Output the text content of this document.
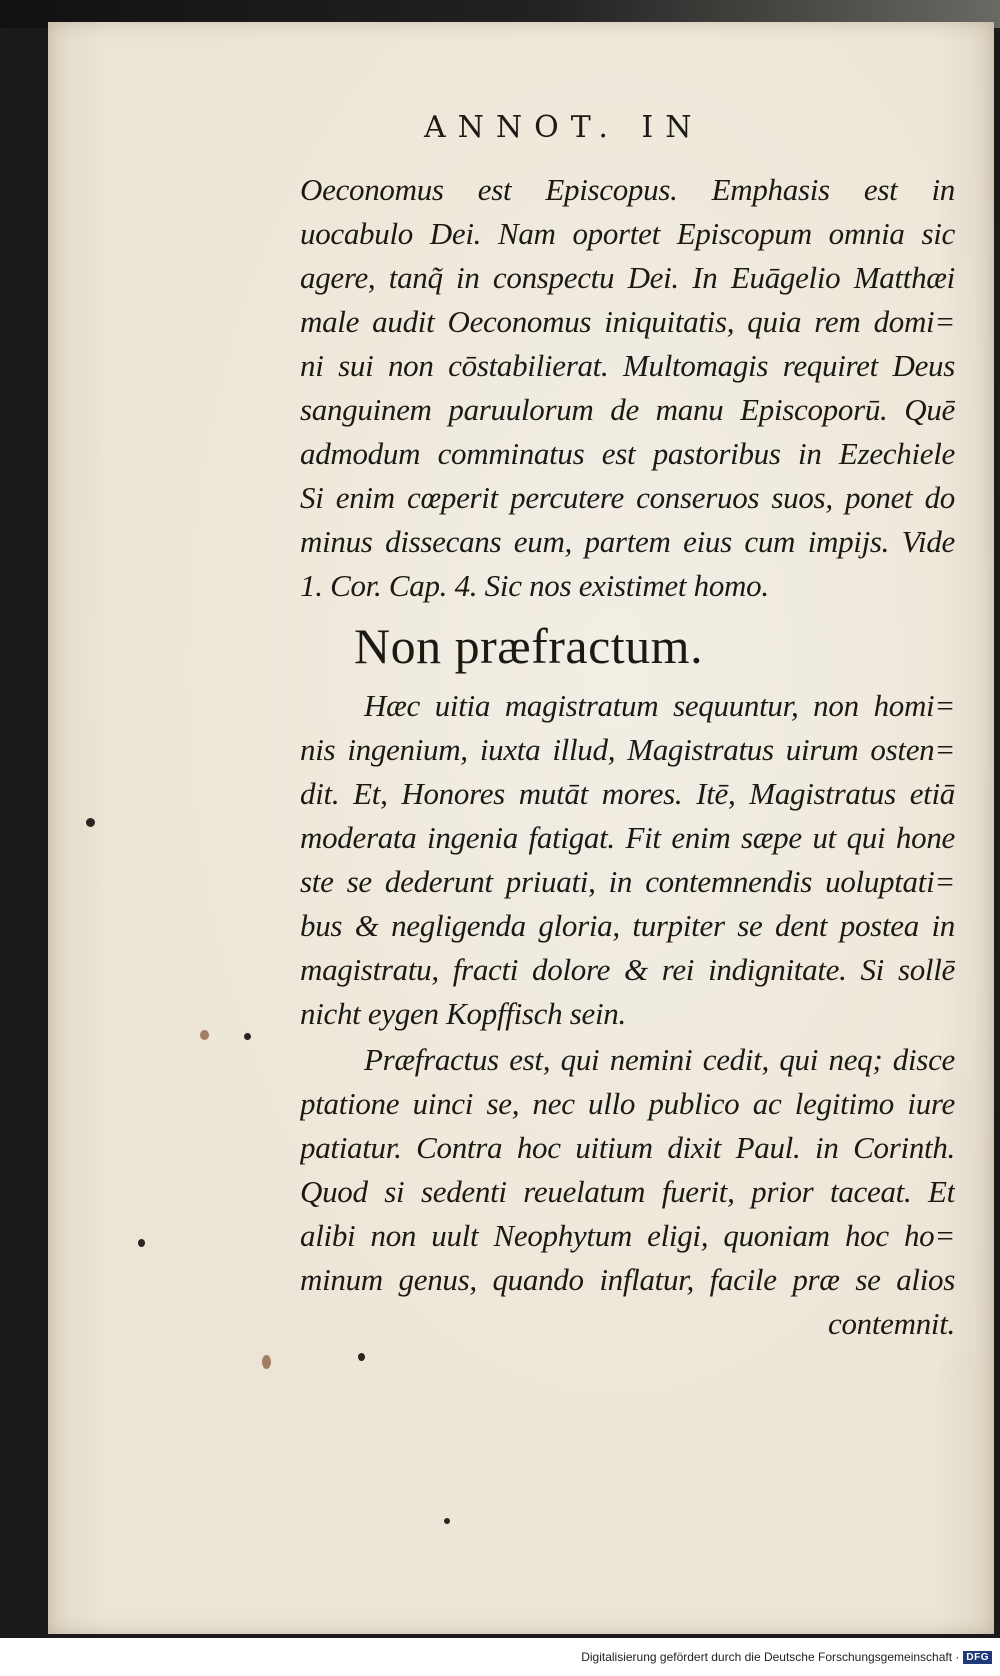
ANNOT. IN
Oeconomus est Episcopus. Emphasis est in
uocabulo Dei. Nam oportet Episcopum omnia sic
agere, tanq̃ in conspectu Dei. In Euāgelio Matthæi
male audit Oeconomus iniquitatis, quia rem domi=
ni sui non cōstabilierat. Multomagis requiret Deus
sanguinem paruulorum de manu Episcoporū. Quē
admodum comminatus est pastoribus in Ezechiele
Si enim cœperit percutere conseruos suos, ponet do
minus dissecans eum, partem eius cum impijs. Vide
1. Cor. Cap. 4. Sic nos existimet homo.
Non præfractum.
Hæc uitia magistratum sequuntur, non homi=
nis ingenium, iuxta illud, Magistratus uirum osten=
dit. Et, Honores mutāt mores. Itē, Magistratus etiā
moderata ingenia fatigat. Fit enim sæpe ut qui hone
ste se dederunt priuati, in contemnendis uoluptati=
bus & negligenda gloria, turpiter se dent postea in
magistratu, fracti dolore & rei indignitate. Si sollē
nicht eygen Kopffisch sein.
Præfractus est, qui nemini cedit, qui neq; disce
ptatione uinci se, nec ullo publico ac legitimo iure
patiatur. Contra hoc uitium dixit Paul. in Corinth.
Quod si sedenti reuelatum fuerit, prior taceat. Et
alibi non uult Neophytum eligi, quoniam hoc ho=
minum genus, quando inflatur, facile præ se alios
contemnit.
Digitalisierung gefördert durch die Deutsche Forschungsgemeinschaft · DFG
